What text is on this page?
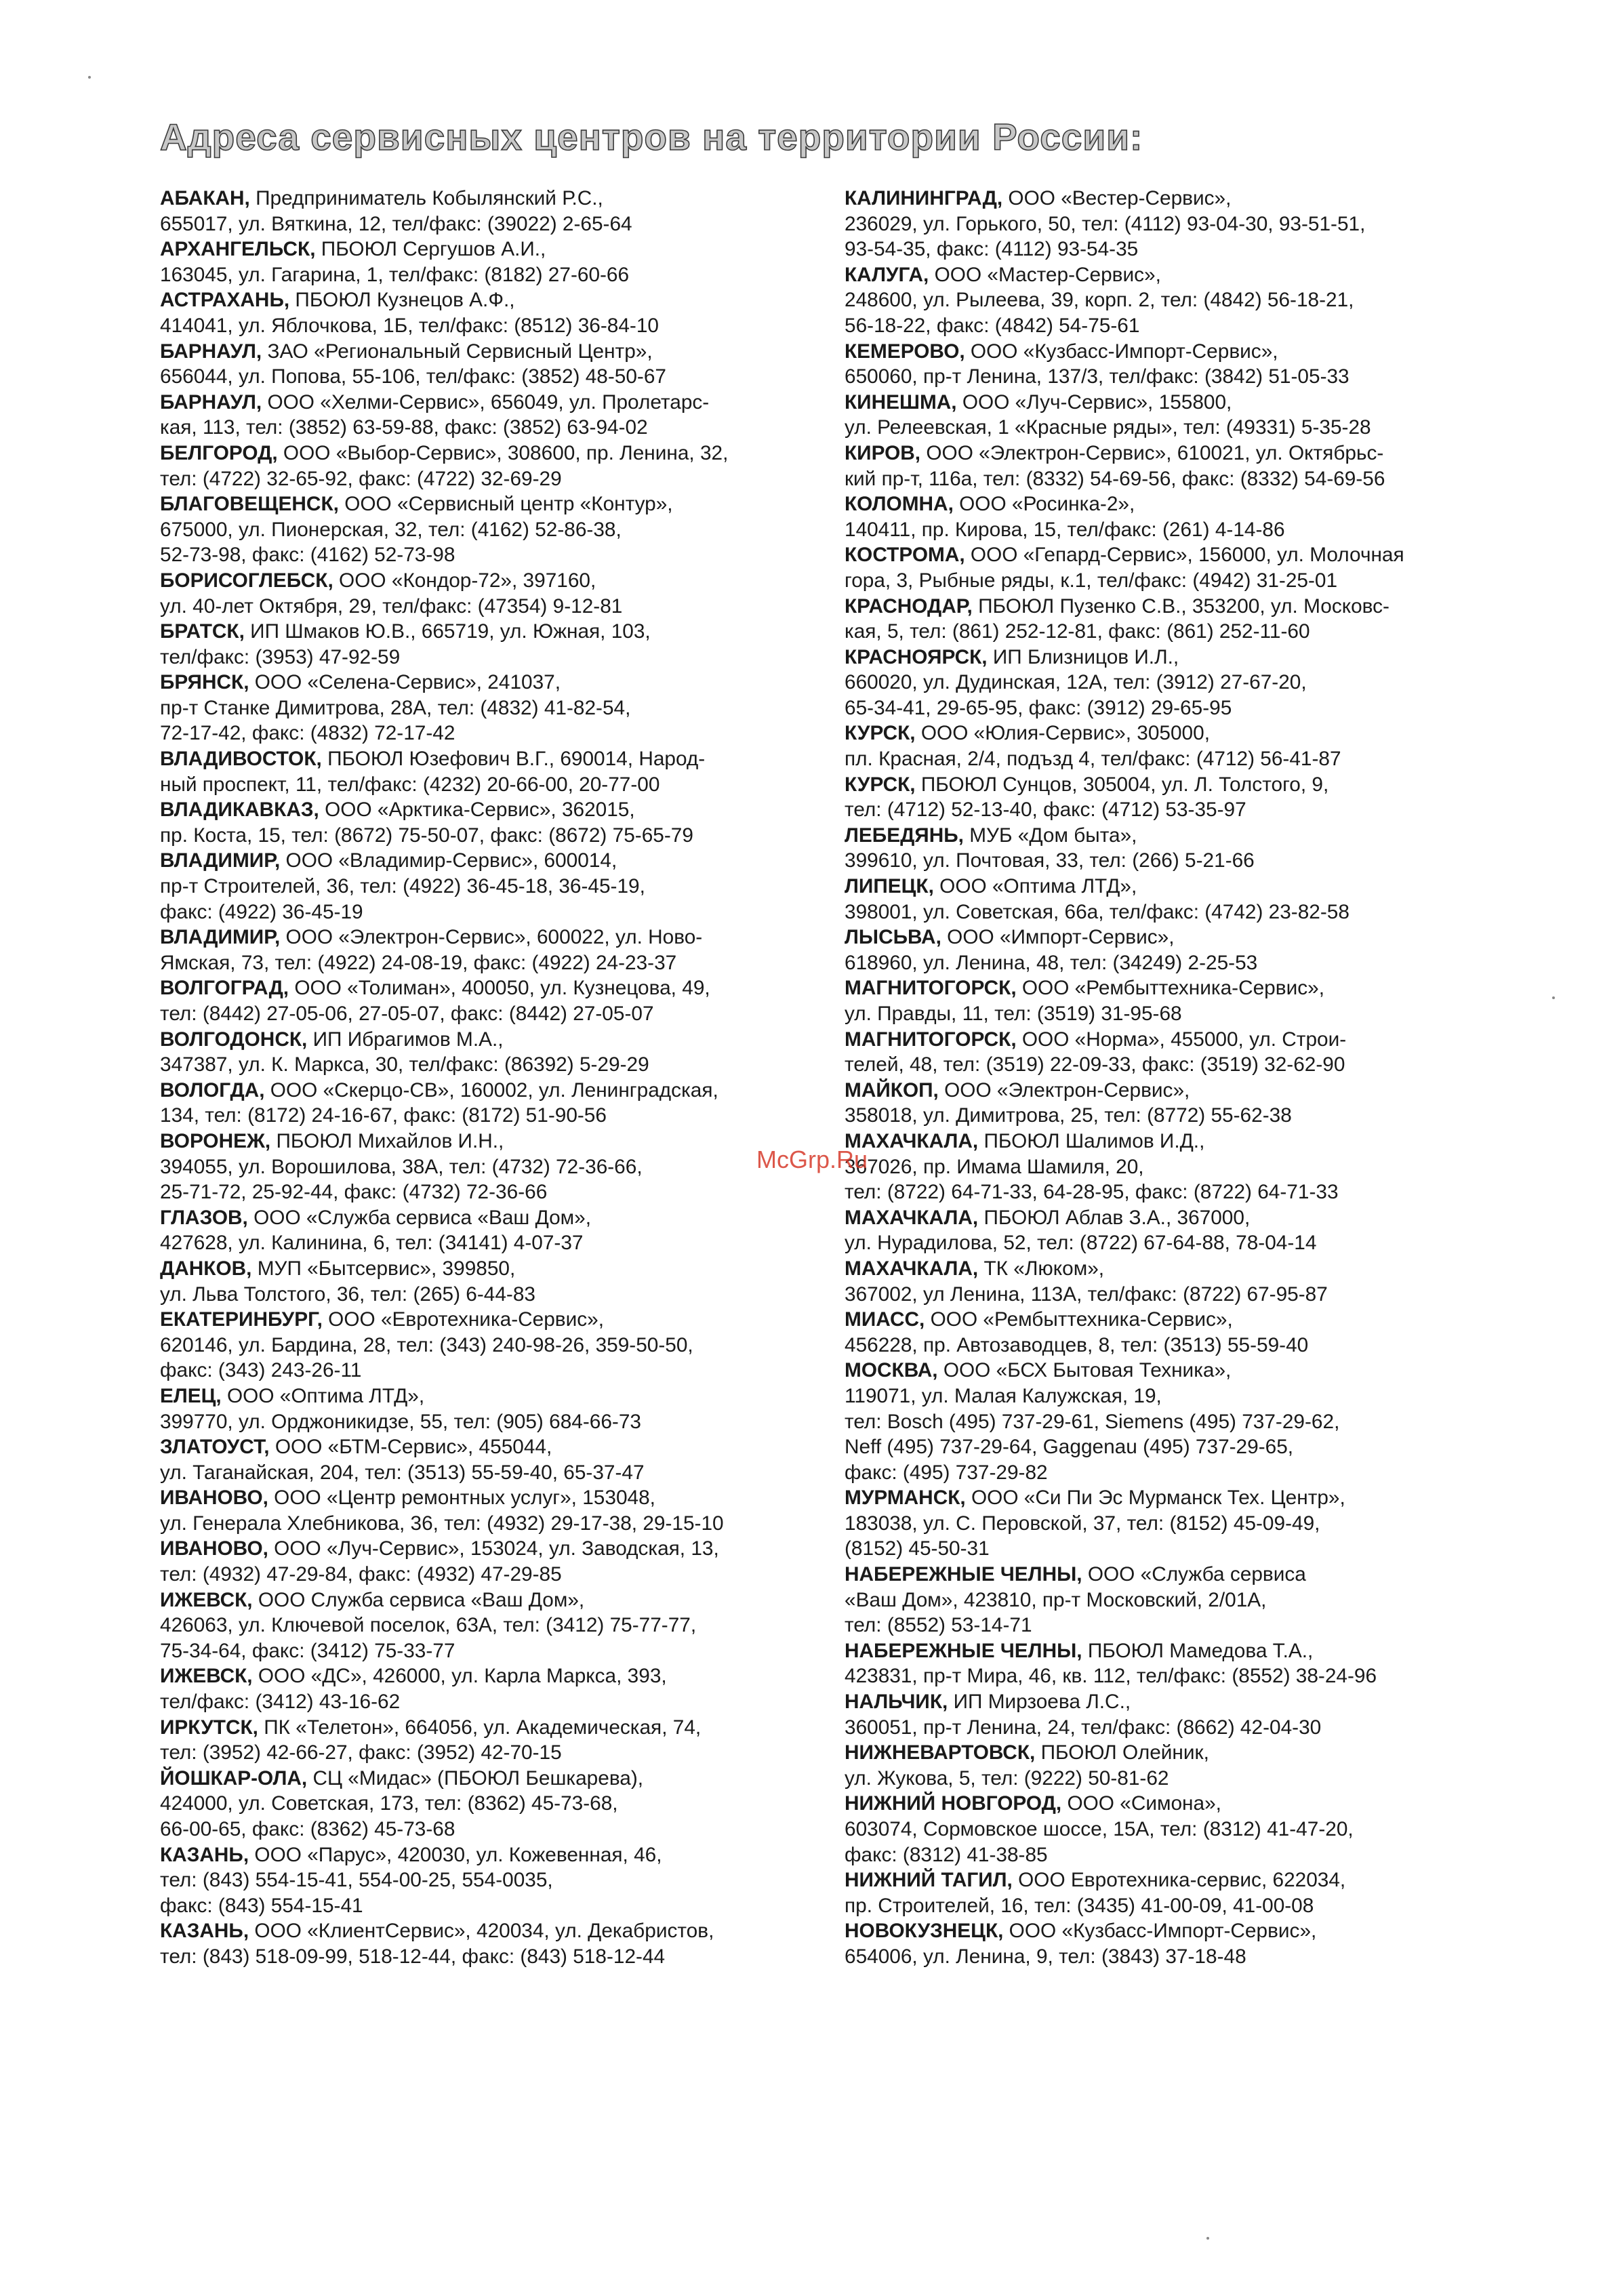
Адреса сервисных центров на территории России:

АБАКАН, Предприниматель Кобылянский Р.С.,
655017, ул. Вяткина, 12, тел/факс: (39022) 2-65-64

АРХАНГЕЛЬСК, ПБОЮЛ Сергушов А.И.,
163045, ул. Гагарина, 1, тел/факс: (8182) 27-60-66

АСТРАХАНЬ, ПБОЮЛ Кузнецов А.Ф.,
414041, ул. Яблочкова, 1Б, тел/факс: (8512) 36-84-10

БАРНАУЛ, ЗАО «Региональный Сервисный Центр»,
656044, ул. Попова, 55-106, тел/факс: (3852) 48-50-67

БАРНАУЛ, ООО «Хелми-Сервис», 656049, ул. Пролетарс-
кая, 113, тел: (3852) 63-59-88, факс: (3852) 63-94-02

БЕЛГОРОД, ООО «Выбор-Сервис», 308600, пр. Ленина, 32,
тел: (4722) 32-65-92, факс: (4722) 32-69-29

БЛАГОВЕЩЕНСК, ООО «Сервисный центр «Контур»,
675000, ул. Пионерская, 32, тел: (4162) 52-86-38,
52-73-98, факс: (4162) 52-73-98

БОРИСОГЛЕБСК, ООО «Кондор-72», 397160,
ул. 40-лет Октября, 29, тел/факс: (47354) 9-12-81

БРАТСК, ИП Шмаков Ю.В., 665719, ул. Южная, 103,
тел/факс: (3953) 47-92-59

БРЯНСК, ООО «Селена-Сервис», 241037,
пр-т Станке Димитрова, 28А, тел: (4832) 41-82-54,
72-17-42, факс: (4832) 72-17-42

ВЛАДИВОСТОК, ПБОЮЛ Юзефович В.Г., 690014, Народ-
ный проспект, 11, тел/факс: (4232) 20-66-00, 20-77-00

ВЛАДИКАВКАЗ, ООО «Арктика-Сервис», 362015,
пр. Коста, 15, тел: (8672) 75-50-07, факс: (8672) 75-65-79

ВЛАДИМИР, ООО «Владимир-Сервис», 600014,
пр-т Строителей, 36, тел: (4922) 36-45-18, 36-45-19,
факс: (4922) 36-45-19

ВЛАДИМИР, ООО «Электрон-Сервис», 600022, ул. Ново-
Ямская, 73, тел: (4922) 24-08-19, факс: (4922) 24-23-37

ВОЛГОГРАД, ООО «Толиман», 400050, ул. Кузнецова, 49,
тел: (8442) 27-05-06, 27-05-07, факс: (8442) 27-05-07

ВОЛГОДОНСК, ИП Ибрагимов М.А.,
347387, ул. К. Маркса, 30, тел/факс: (86392) 5-29-29

ВОЛОГДА, ООО «Скерцо-СВ», 160002, ул. Ленинградская,
134, тел: (8172) 24-16-67, факс: (8172) 51-90-56

ВОРОНЕЖ, ПБОЮЛ Михайлов И.Н.,
394055, ул. Ворошилова, 38А, тел: (4732) 72-36-66,
25-71-72, 25-92-44, факс: (4732) 72-36-66

ГЛАЗОВ, ООО «Служба сервиса «Ваш Дом»,
427628, ул. Калинина, 6, тел: (34141) 4-07-37

ДАНКОВ, МУП «Бытсервис», 399850,
ул. Льва Толстого, 36, тел: (265) 6-44-83

ЕКАТЕРИНБУРГ, ООО «Евротехника-Сервис»,
620146, ул. Бардина, 28, тел: (343) 240-98-26, 359-50-50,
факс: (343) 243-26-11

ЕЛЕЦ, ООО «Оптима ЛТД»,
399770, ул. Орджоникидзе, 55, тел: (905) 684-66-73

ЗЛАТОУСТ, ООО «БТМ-Сервис», 455044,
ул. Таганайская, 204, тел: (3513) 55-59-40, 65-37-47

ИВАНОВО, ООО «Центр ремонтных услуг», 153048,
ул. Генерала Хлебникова, 36, тел: (4932) 29-17-38, 29-15-10

ИВАНОВО, ООО «Луч-Сервис», 153024, ул. Заводская, 13,
тел: (4932) 47-29-84, факс: (4932) 47-29-85

ИЖЕВСК, ООО Служба сервиса «Ваш Дом»,
426063, ул. Ключевой поселок, 63А, тел: (3412) 75-77-77,
75-34-64, факс: (3412) 75-33-77

ИЖЕВСК, ООО «ДС», 426000, ул. Карла Маркса, 393,
тел/факс: (3412) 43-16-62

ИРКУТСК, ПК «Телетон», 664056, ул. Академическая, 74,
тел: (3952) 42-66-27, факс: (3952) 42-70-15

ЙОШКАР-ОЛА, СЦ «Мидас» (ПБОЮЛ Бешкарева),
424000, ул. Советская, 173, тел: (8362) 45-73-68,
66-00-65, факс: (8362) 45-73-68

КАЗАНЬ, ООО «Парус», 420030, ул. Кожевенная, 46,
тел: (843) 554-15-41, 554-00-25, 554-0035,
факс: (843) 554-15-41

КАЗАНЬ, ООО «КлиентСервис», 420034, ул. Декабристов,
тел: (843) 518-09-99, 518-12-44, факс: (843) 518-12-44

КАЛИНИНГРАД, ООО «Вестер-Сервис»,
236029, ул. Горького, 50, тел: (4112) 93-04-30, 93-51-51,
93-54-35, факс: (4112) 93-54-35

КАЛУГА, ООО «Мастер-Сервис»,
248600, ул. Рылеева, 39, корп. 2, тел: (4842) 56-18-21,
56-18-22, факс: (4842) 54-75-61

КЕМЕРОВО, ООО «Кузбасс-Импорт-Сервис»,
650060, пр-т Ленина, 137/3, тел/факс: (3842) 51-05-33

КИНЕШМА, ООО «Луч-Сервис», 155800,
ул. Релеевская, 1 «Красные ряды», тел: (49331) 5-35-28

КИРОВ, ООО «Электрон-Сервис», 610021, ул. Октябрьс-
кий пр-т, 116а, тел: (8332) 54-69-56, факс: (8332) 54-69-56

КОЛОМНА, ООО «Росинка-2»,
140411, пр. Кирова, 15, тел/факс: (261) 4-14-86

КОСТРОМА, ООО «Гепард-Сервис», 156000, ул. Молочная
гора, 3, Рыбные ряды, к.1, тел/факс: (4942) 31-25-01

КРАСНОДАР, ПБОЮЛ Пузенко С.В., 353200, ул. Московс-
кая, 5, тел: (861) 252-12-81, факс: (861) 252-11-60

КРАСНОЯРСК, ИП Близницов И.Л.,
660020, ул. Дудинская, 12А, тел: (3912) 27-67-20,
65-34-41, 29-65-95, факс: (3912) 29-65-95

КУРСК, ООО «Юлия-Сервис», 305000,
пл. Красная, 2/4, подъзд 4, тел/факс: (4712) 56-41-87

КУРСК, ПБОЮЛ Сунцов, 305004, ул. Л. Толстого, 9,
тел: (4712) 52-13-40, факс: (4712) 53-35-97

ЛЕБЕДЯНЬ, МУБ «Дом быта»,
399610, ул. Почтовая, 33, тел: (266) 5-21-66

ЛИПЕЦК, ООО «Оптима ЛТД»,
398001, ул. Советская, 66а, тел/факс: (4742) 23-82-58

ЛЫСЬВА, ООО «Импорт-Сервис»,
618960, ул. Ленина, 48, тел: (34249) 2-25-53

МАГНИТОГОРСК, ООО «Рембыттехника-Сервис»,
ул. Правды, 11, тел: (3519) 31-95-68

МАГНИТОГОРСК, ООО «Норма», 455000, ул. Строи-
телей, 48, тел: (3519) 22-09-33, факс: (3519) 32-62-90

МАЙКОП, ООО «Электрон-Сервис»,
358018, ул. Димитрова, 25, тел: (8772) 55-62-38

МАХАЧКАЛА, ПБОЮЛ Шалимов И.Д.,
367026, пр. Имама Шамиля, 20,
тел: (8722) 64-71-33, 64-28-95, факс: (8722) 64-71-33

МАХАЧКАЛА, ПБОЮЛ Аблав З.А., 367000,
ул. Нурадилова, 52, тел: (8722) 67-64-88, 78-04-14

МАХАЧКАЛА, ТК «Люком»,
367002, ул Ленина, 113А, тел/факс: (8722) 67-95-87

МИАСС, ООО «Рембыттехника-Сервис»,
456228, пр. Автозаводцев, 8, тел: (3513) 55-59-40

МОСКВА, ООО «БСХ Бытовая Техника»,
119071, ул. Малая Калужская, 19,
тел: Bosch (495) 737-29-61, Siemens (495) 737-29-62,
Neff (495) 737-29-64, Gaggenau (495) 737-29-65,
факс: (495) 737-29-82

МУРМАНСК, ООО «Си Пи Эс Мурманск Тех. Центр»,
183038, ул. С. Перовской, 37, тел: (8152) 45-09-49,
(8152) 45-50-31

НАБЕРЕЖНЫЕ ЧЕЛНЫ, ООО «Служба сервиса
«Ваш Дом», 423810, пр-т Московский, 2/01А,
тел: (8552) 53-14-71

НАБЕРЕЖНЫЕ ЧЕЛНЫ, ПБОЮЛ Мамедова Т.А.,
423831, пр-т Мира, 46, кв. 112, тел/факс: (8552) 38-24-96

НАЛЬЧИК, ИП Мирзоева Л.С.,
360051, пр-т Ленина, 24, тел/факс: (8662) 42-04-30

НИЖНЕВАРТОВСК, ПБОЮЛ Олейник,
ул. Жукова, 5, тел: (9222) 50-81-62

НИЖНИЙ НОВГОРОД, ООО «Симона»,
603074, Сормовское шоссе, 15А, тел: (8312) 41-47-20,
факс: (8312) 41-38-85

НИЖНИЙ ТАГИЛ, ООО Евротехника-сервис, 622034,
пр. Строителей, 16, тел: (3435) 41-00-09, 41-00-08

НОВОКУЗНЕЦК, ООО «Кузбасс-Импорт-Сервис»,
654006, ул. Ленина, 9, тел: (3843) 37-18-48

McGrp.Ru
